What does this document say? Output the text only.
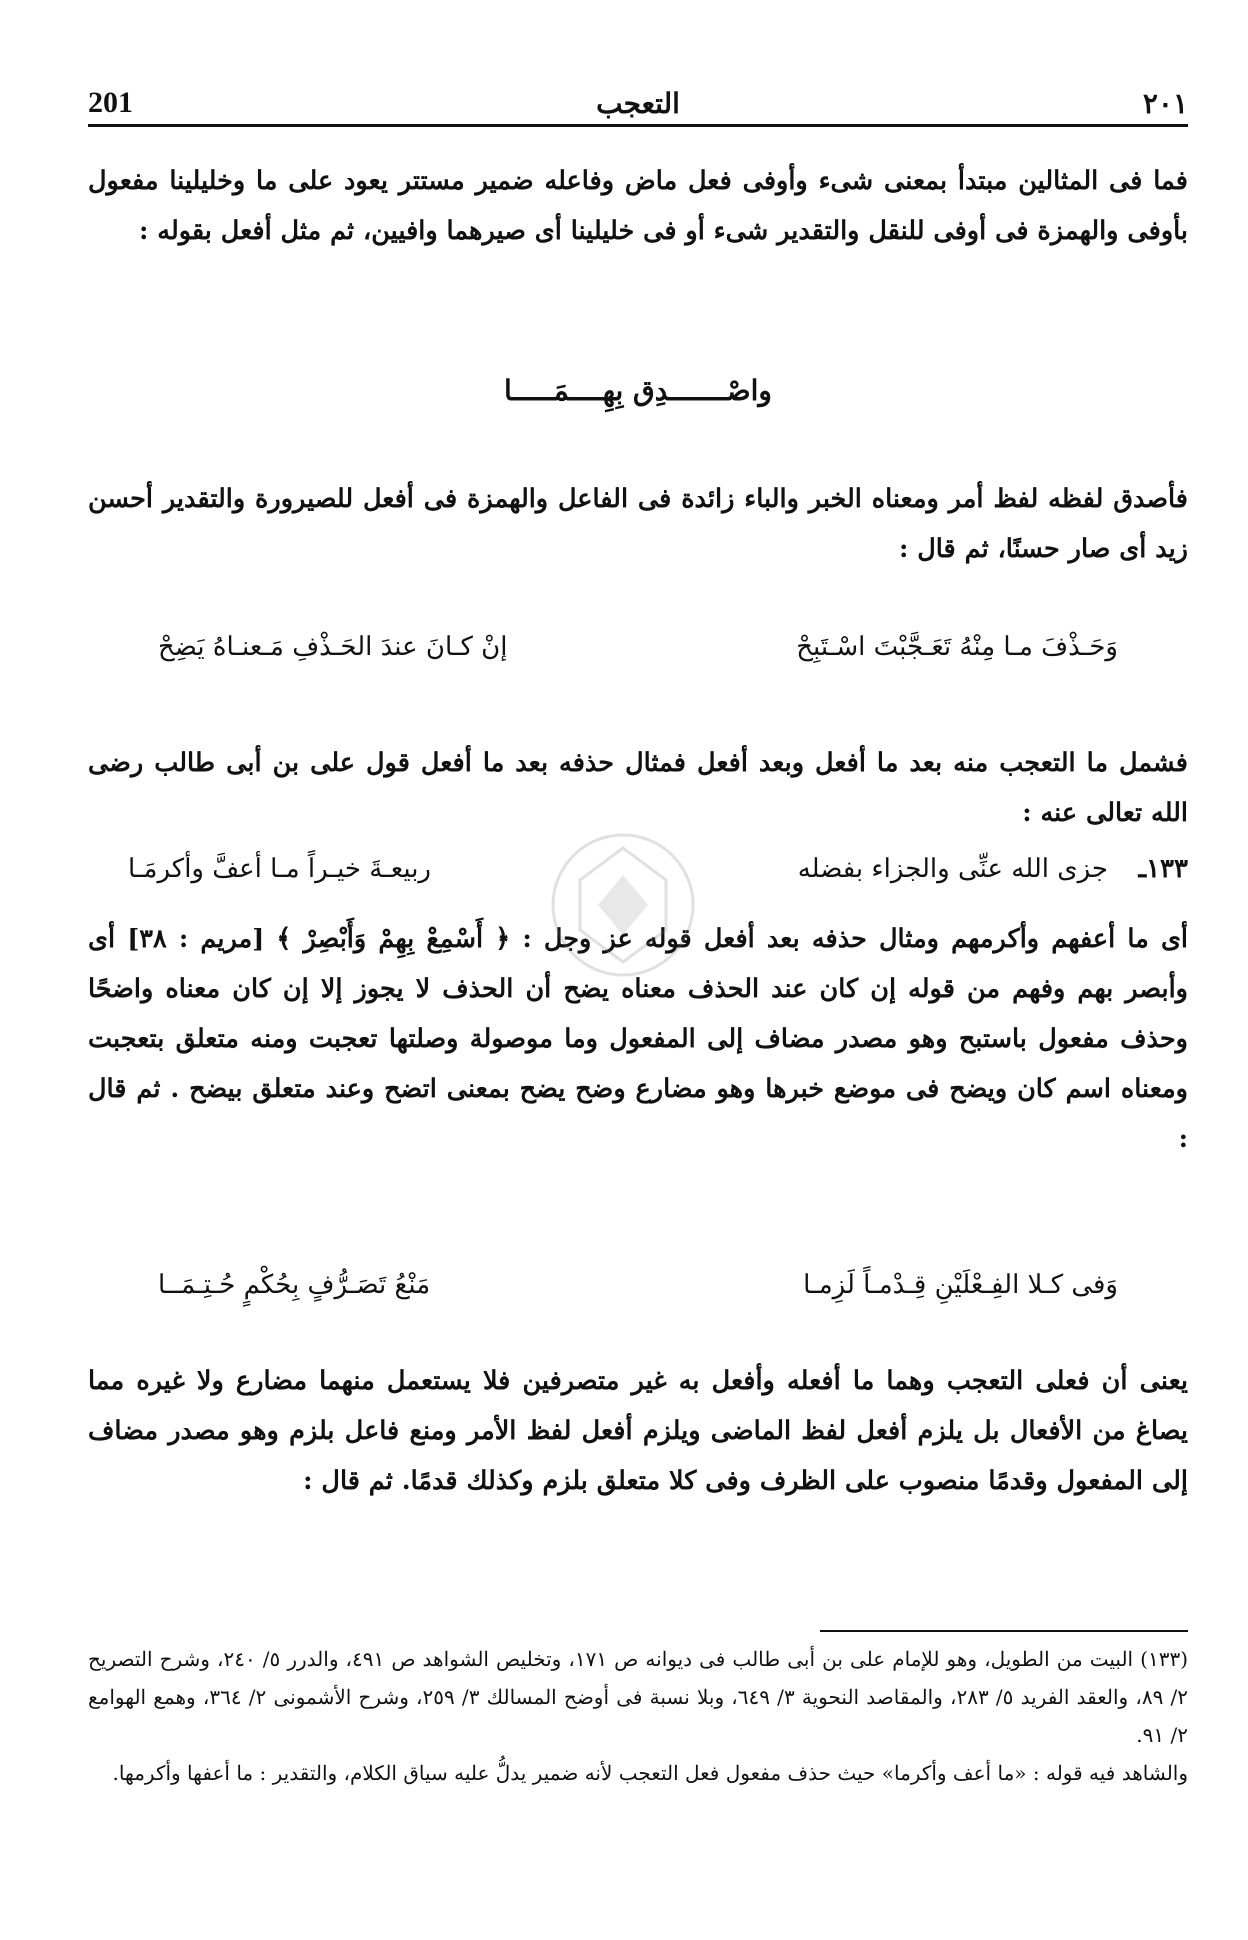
201	التعجب	٢٠١
فما فى المثالين مبتدأ بمعنى شىء وأوفى فعل ماض وفاعله ضمير مستتر يعود على ما وخليلينا مفعول بأوفى والهمزة فى أوفى للنقل والتقدير شىء أو فى خليلينا أى صيرهما وافيين، ثم مثل أفعل بقوله :
واصْـــــــدِق بِهِــــمَـــــا
فأصدق لفظه لفظ أمر ومعناه الخبر والباء زائدة فى الفاعل والهمزة فى أفعل للصيرورة والتقدير أحسن زيد أى صار حسنًا، ثم قال :
وَحَـذْفَ مـا مِنْهُ تَعَـجَّبْتَ اسْـتَبِحْ
إنْ كـانَ عندَ الحَـذْفِ مَـعنـاهُ يَضِحْ
فشمل ما التعجب منه بعد ما أفعل وبعد أفعل فمثال حذفه بعد ما أفعل قول على بن أبى طالب رضى الله تعالى عنه :
١٣٣ـ
جزى الله عنِّى والجزاء بفضله
ربيعـةَ خيـراً مـا أعفَّ وأكرمَـا
أى ما أعفهم وأكرمهم ومثال حذفه بعد أفعل قوله عز وجل : ﴿ أَسْمِعْ بِهِمْ وَأَبْصِرْ ﴾ [مريم : ٣٨] أى وأبصر بهم وفهم من قوله إن كان عند الحذف معناه يضح أن الحذف لا يجوز إلا إن كان معناه واضحًا وحذف مفعول باستبح وهو مصدر مضاف إلى المفعول وما موصولة وصلتها تعجبت ومنه متعلق بتعجبت ومعناه اسم كان ويضح فى موضع خبرها وهو مضارع وضح يضح بمعنى اتضح وعند متعلق بيضح . ثم قال :
وَفى كـلا الفِـعْلَيْنِ قِـدْمـاً لَزِمـا
مَنْعُ تَصَـرُّفٍ بِحُكْمٍ حُـتِـمَــا
يعنى أن فعلى التعجب وهما ما أفعله وأفعل به غير متصرفين فلا يستعمل منهما مضارع ولا غيره مما يصاغ من الأفعال بل يلزم أفعل لفظ الماضى ويلزم أفعل لفظ الأمر ومنع فاعل بلزم وهو مصدر مضاف إلى المفعول وقدمًا منصوب على الظرف وفى كلا متعلق بلزم وكذلك قدمًا. ثم قال :

(١٣٣) البيت من الطويل، وهو للإمام على بن أبى طالب فى ديوانه ص ١٧١، وتخليص الشواهد ص ٤٩١، والدرر ٥/ ٢٤٠، وشرح التصريح ٢/ ٨٩، والعقد الفريد ٥/ ٢٨٣، والمقاصد النحوية ٣/ ٦٤٩، وبلا نسبة فى أوضح المسالك ٣/ ٢٥٩، وشرح الأشمونى ٢/ ٣٦٤، وهمع الهوامع ٢/ ٩١.

والشاهد فيه قوله : «ما أعف وأكرما» حيث حذف مفعول فعل التعجب لأنه ضمير يدلُّ عليه سياق الكلام، والتقدير : ما أعفها وأكرمها.
